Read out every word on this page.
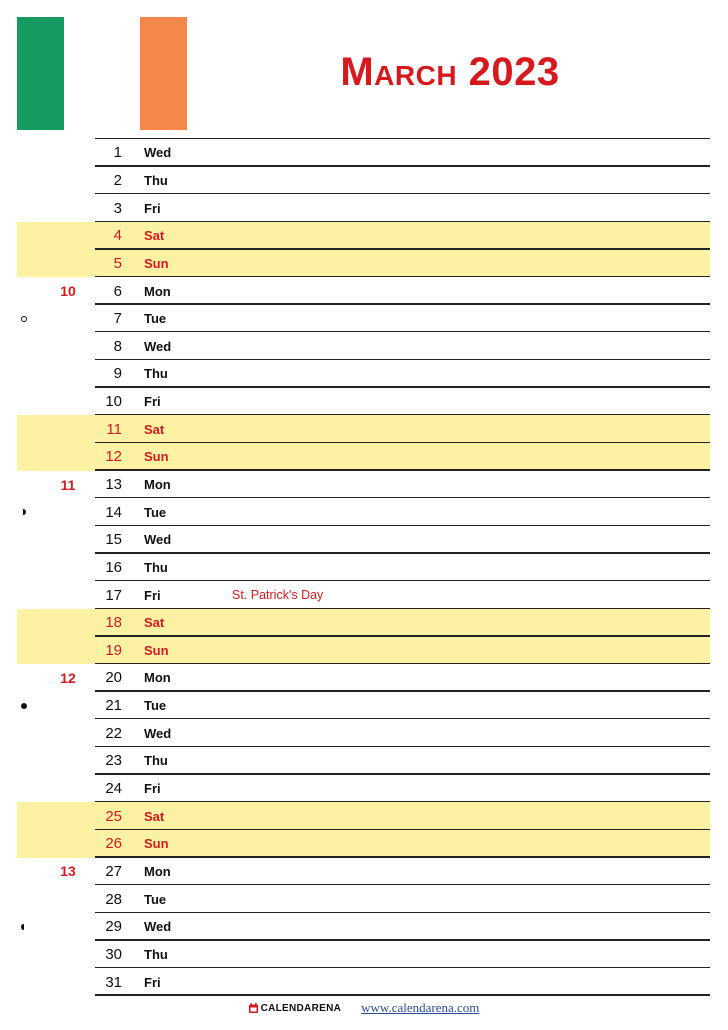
March 2023
1 Wed
2 Thu
3 Fri
4 Sat
5 Sun
10	6 Mon
7 Tue
8 Wed
9 Thu
10 Fri
11 Sat
12 Sun
11	13 Mon
14 Tue
15 Wed
16 Thu
17 Fri	St. Patrick's Day
18 Sat
19 Sun
12	20 Mon
21 Tue
22 Wed
23 Thu
24 Fri
25 Sat
26 Sun
13	27 Mon
28 Tue
29 Wed
30 Thu
31 Fri
CALENDARENA www.calendarena.com
